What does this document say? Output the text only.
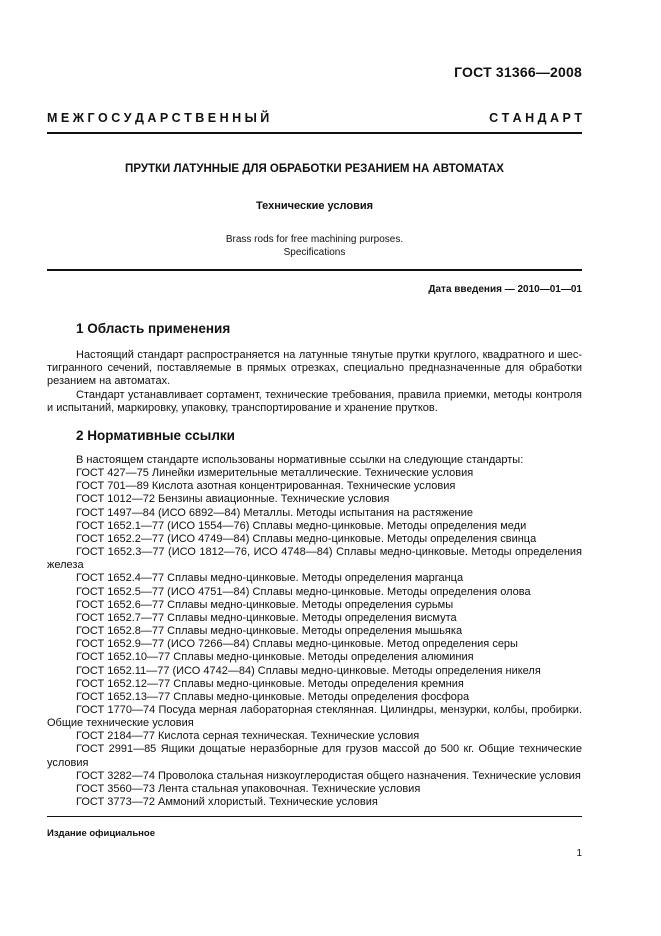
ГОСТ 31366—2008
М Е Ж Г О С У Д А Р С Т В Е Н Н Ы Й	С Т А Н Д А Р Т
ПРУТКИ ЛАТУННЫЕ ДЛЯ ОБРАБОТКИ РЕЗАНИЕМ НА АВТОМАТАХ
Технические условия
Brass rods for free machining purposes.
Specifications
Дата введения — 2010—01—01
1 Область применения
Настоящий стандарт распространяется на латунные тянутые прутки круглого, квадратного и шестигранного сечений, поставляемые в прямых отрезках, специально предназначенные для обработки резанием на автоматах.
Стандарт устанавливает сортамент, технические требования, правила приемки, методы контроля и испытаний, маркировку, упаковку, транспортирование и хранение прутков.
2 Нормативные ссылки
В настоящем стандарте использованы нормативные ссылки на следующие стандарты:
ГОСТ 427—75 Линейки измерительные металлические. Технические условия
ГОСТ 701—89 Кислота азотная концентрированная. Технические условия
ГОСТ 1012—72 Бензины авиационные. Технические условия
ГОСТ 1497—84 (ИСО 6892—84) Металлы. Методы испытания на растяжение
ГОСТ 1652.1—77 (ИСО 1554—76) Сплавы медно-цинковые. Методы определения меди
ГОСТ 1652.2—77 (ИСО 4749—84) Сплавы медно-цинковые. Методы определения свинца
ГОСТ 1652.3—77 (ИСО 1812—76, ИСО 4748—84) Сплавы медно-цинковые. Методы определения железа
ГОСТ 1652.4—77 Сплавы медно-цинковые. Методы определения марганца
ГОСТ 1652.5—77 (ИСО 4751—84) Сплавы медно-цинковые. Методы определения олова
ГОСТ 1652.6—77 Сплавы медно-цинковые. Методы определения сурьмы
ГОСТ 1652.7—77 Сплавы медно-цинковые. Методы определения висмута
ГОСТ 1652.8—77 Сплавы медно-цинковые. Методы определения мышьяка
ГОСТ 1652.9—77 (ИСО 7266—84) Сплавы медно-цинковые. Метод определения серы
ГОСТ 1652.10—77 Сплавы медно-цинковые. Методы определения алюминия
ГОСТ 1652.11—77 (ИСО 4742—84) Сплавы медно-цинковые. Методы определения никеля
ГОСТ 1652.12—77 Сплавы медно-цинковые. Методы определения кремния
ГОСТ 1652.13—77 Сплавы медно-цинковые. Методы определения фосфора
ГОСТ 1770—74 Посуда мерная лабораторная стеклянная. Цилиндры, мензурки, колбы, пробирки. Общие технические условия
ГОСТ 2184—77 Кислота серная техническая. Технические условия
ГОСТ 2991—85 Ящики дощатые неразборные для грузов массой до 500 кг. Общие технические условия
ГОСТ 3282—74 Проволока стальная низкоуглеродистая общего назначения. Технические условия
ГОСТ 3560—73 Лента стальная упаковочная. Технические условия
ГОСТ 3773—72 Аммоний хлористый. Технические условия
Издание официальное
1
